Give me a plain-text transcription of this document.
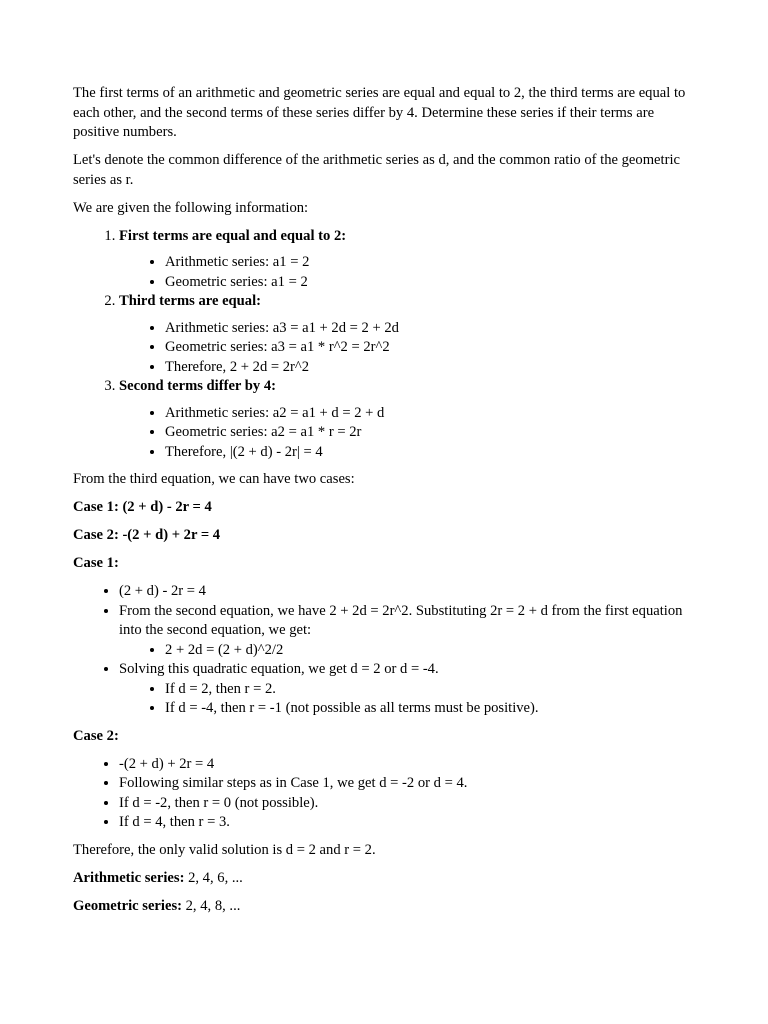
The first terms of an arithmetic and geometric series are equal and equal to 2, the third terms are equal to each other, and the second terms of these series differ by 4. Determine these series if their terms are positive numbers.

Let's denote the common difference of the arithmetic series as d, and the common ratio of the geometric series as r.

We are given the following information:

1. First terms are equal and equal to 2:
• Arithmetic series: a1 = 2
• Geometric series: a1 = 2
2. Third terms are equal:
• Arithmetic series: a3 = a1 + 2d = 2 + 2d
• Geometric series: a3 = a1 * r^2 = 2r^2
• Therefore, 2 + 2d = 2r^2
3. Second terms differ by 4:
• Arithmetic series: a2 = a1 + d = 2 + d
• Geometric series: a2 = a1 * r = 2r
• Therefore, |(2 + d) - 2r| = 4

From the third equation, we can have two cases:

Case 1: (2 + d) - 2r = 4

Case 2: -(2 + d) + 2r = 4

Case 1:

• (2 + d) - 2r = 4
• From the second equation, we have 2 + 2d = 2r^2. Substituting 2r = 2 + d from the first equation into the second equation, we get:
• 2 + 2d = (2 + d)^2/2
• Solving this quadratic equation, we get d = 2 or d = -4.
• If d = 2, then r = 2.
• If d = -4, then r = -1 (not possible as all terms must be positive).

Case 2:

• -(2 + d) + 2r = 4
• Following similar steps as in Case 1, we get d = -2 or d = 4.
• If d = -2, then r = 0 (not possible).
• If d = 4, then r = 3.

Therefore, the only valid solution is d = 2 and r = 2.

Arithmetic series: 2, 4, 6, ...

Geometric series: 2, 4, 8, ...
